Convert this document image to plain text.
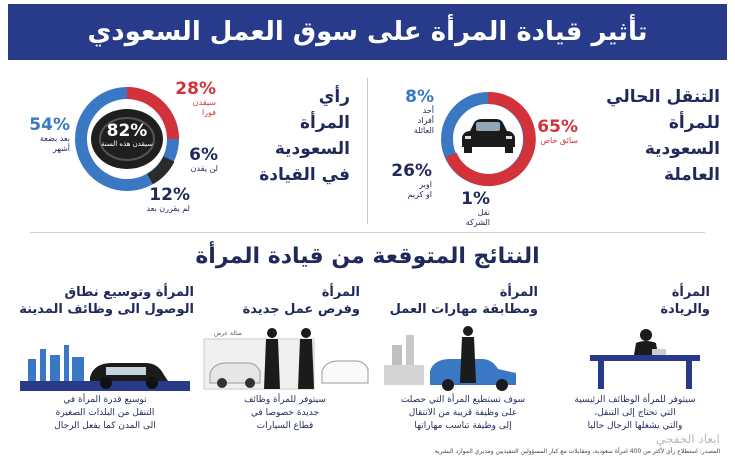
تأثير قيادة المرأة على سوق العمل السعودي
التنقل الحالي
للمرأة
السعودية
العاملة
65%
سائق خاص
8%
أحد
أفراد
العائلة
26%
اوبر
او كريم	1%
نقل
الشركة
رأي
المرأة
السعودية
في القيادة
82%
سيقدن هذه السنة
28%
سيقدن
فورا
54%
بعد بضعة
أشهر	6%
لن يقدن
12%
لم يقررن بعد
النتائج المتوقعة من قيادة المرأة
المرأة
والريادة
سيتوفر للمرأة الوظائف الرئيسية
التي تحتاج إلى التنقل،
والتي يشغلها الرجال حاليا
المرأة
ومطابقة مهارات العمل
سوف تستطيع المرأة التي حصلت
على وظيفة قريبة من الانتقال
إلى وظيفة تناسب مهاراتها
المرأة
وفرص عمل جديدة
صالة عرض
سيتوفر للمرأة وظائف
جديدة خصوصا في
قطاع السيارات
المرأة وتوسيع نطاق
الوصول الى وظائف المدينة
توسيع قدرة المرأة في
التنقل من البلدات الصغيرة
الى المدن كما يفعل الرجال
المصدر: استطلاع رأي لأكثر من 400 امرأة سعودية، ومقابلات مع كبار المسؤولين التنفيذيين ومديري الموارد البشرية
ابعاد الخفجي
